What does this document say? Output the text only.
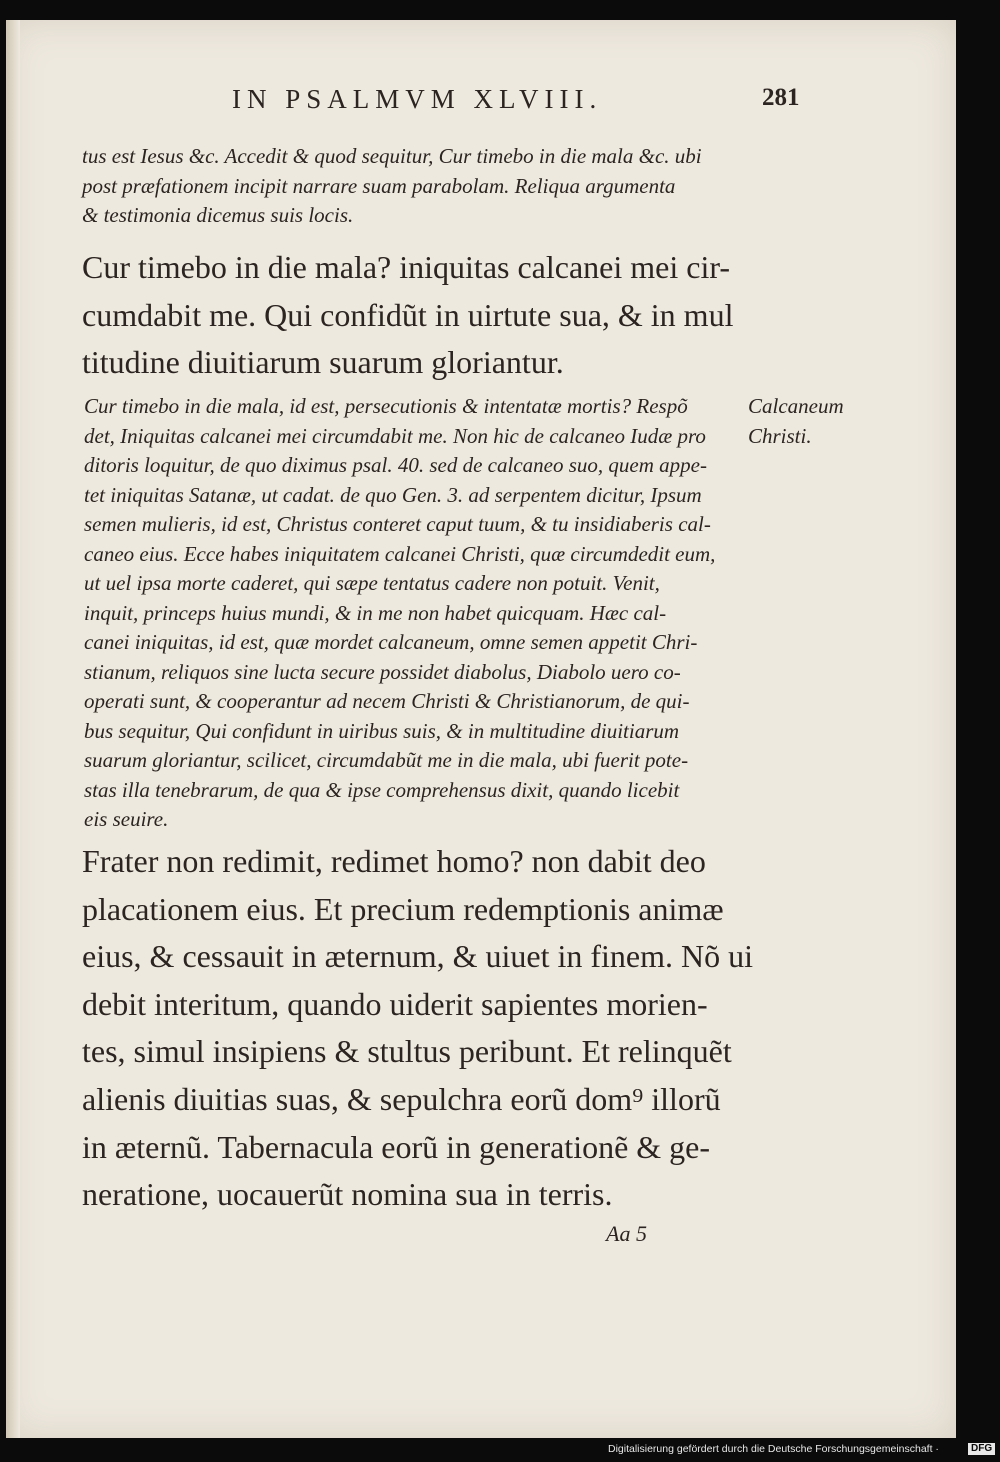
IN PSALMVM XLVIII.	281
tus est Iesus &c. Accedit & quod sequitur, Cur timebo in die mala &c. ubi
post præfationem incipit narrare suam parabolam. Reliqua argumenta
& testimonia dicemus suis locis.
Cur timebo in die mala? iniquitas calcanei mei cir-
cumdabit me. Qui confidũt in uirtute sua, & in mul
titudine diuitiarum suarum gloriantur.
Cur timebo in die mala, id est, persecutionis & intentatæ mortis? Respõ
det, Iniquitas calcanei mei circumdabit me. Non hic de calcaneo Iudæ pro
ditoris loquitur, de quo diximus psal. 40. sed de calcaneo suo, quem appe-
tet iniquitas Satanæ, ut cadat. de quo Gen. 3. ad serpentem dicitur, Ipsum
semen mulieris, id est, Christus conteret caput tuum, & tu insidiaberis cal-
caneo eius. Ecce habes iniquitatem calcanei Christi, quæ circumdedit eum,
ut uel ipsa morte caderet, qui sæpe tentatus cadere non potuit. Venit,
inquit, princeps huius mundi, & in me non habet quicquam. Hæc cal-
canei iniquitas, id est, quæ mordet calcaneum, omne semen appetit Chri-
stianum, reliquos sine lucta secure possidet diabolus, Diabolo uero co-
operati sunt, & cooperantur ad necem Christi & Christianorum, de qui-
bus sequitur, Qui confidunt in uiribus suis, & in multitudine diuitiarum
suarum gloriantur, scilicet, circumdabũt me in die mala, ubi fuerit pote-
stas illa tenebrarum, de qua & ipse comprehensus dixit, quando licebit
eis seuire.
Calcaneum
Christi.
Frater non redimit, redimet homo? non dabit deo
placationem eius. Et precium redemptionis animæ
eius, & cessauit in æternum, & uiuet in finem. Nõ ui
debit interitum, quando uiderit sapientes morien-
tes, simul insipiens & stultus peribunt. Et relinquẽt
alienis diuitias suas, & sepulchra eorũ dom⁹ illorũ
in æternũ. Tabernacula eorũ in generationẽ & ge-
neratione, uocauerũt nomina sua in terris.
Aa 5
Digitalisierung gefördert durch die Deutsche Forschungsgemeinschaft ·	DFG
